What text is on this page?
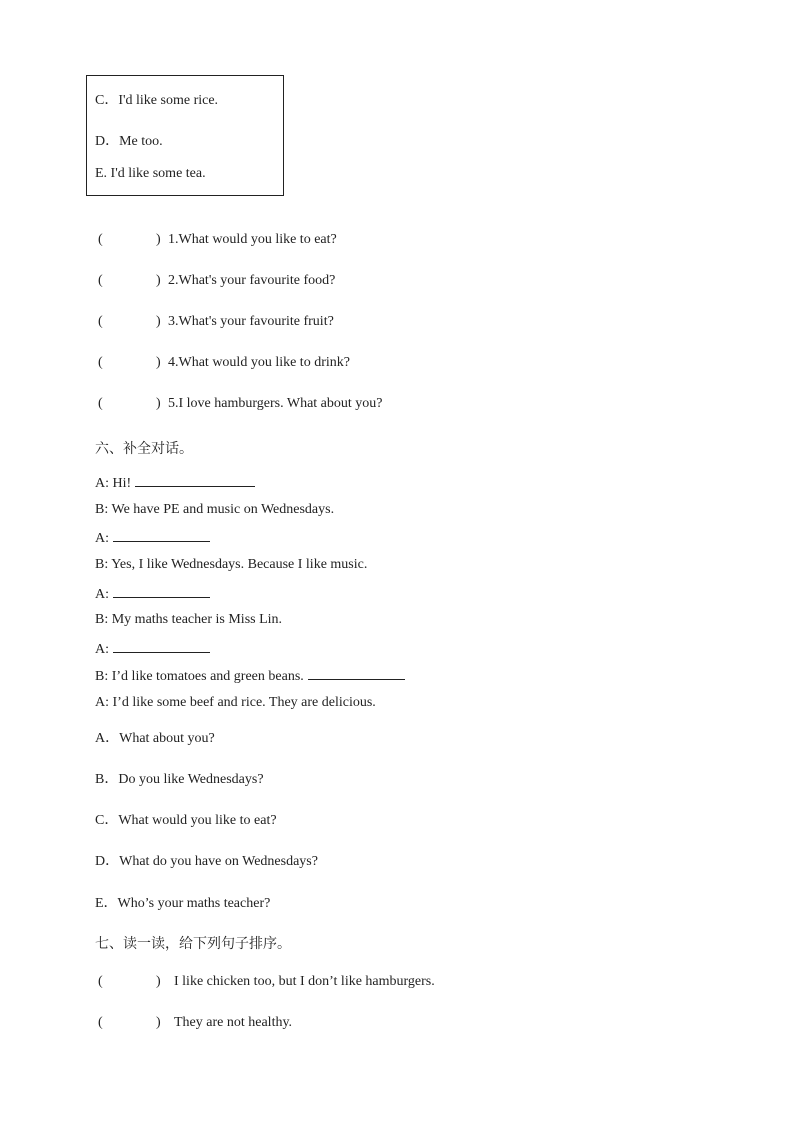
C．I'd like some rice.
D．Me too.
E. I'd like some tea.
(	) 1.What would you like to eat?
(	) 2.What's your favourite food?
(	) 3.What's your favourite fruit?
(	) 4.What would you like to drink?
(	) 5.I love hamburgers. What about you?
六、补全对话。
A: Hi!
B: We have PE and music on Wednesdays.
A:
B: Yes, I like Wednesdays. Because I like music.
A:
B: My maths teacher is Miss Lin.
A:
B: I’d like tomatoes and green beans.
A: I’d like some beef and rice. They are delicious.
A．What about you?
B．Do you like Wednesdays?
C．What would you like to eat?
D．What do you have on Wednesdays?
E．Who’s your maths teacher?
七、读一读，给下列句子排序。
(	) I like chicken too, but I don’t like hamburgers.
(	) They are not healthy.
